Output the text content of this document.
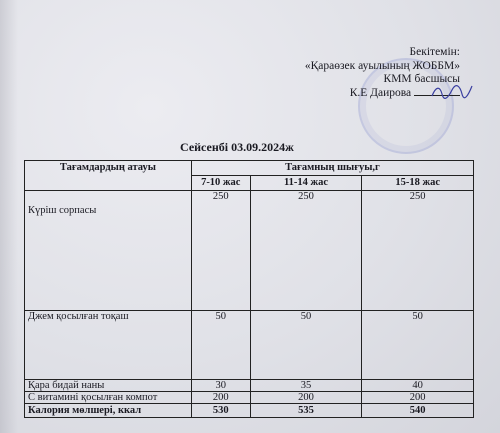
Бекітемін:
«Қараөзек ауылының ЖОББМ»
КММ басшысы
К.Е Даирова
Сейсенбі 03.09.2024ж
Тағамдардың атауы	Тағамның шығуы,г		
	7-10 жас	11-14 жас	15-18 жас
Күріш сорпасы	250	250	250
Джем қосылған тоқаш	50	50	50
Қара бидай наны	30	35	40
С витамині қосылған компот	200	200	200
Калория мөлшері, ккал	530	535	540
